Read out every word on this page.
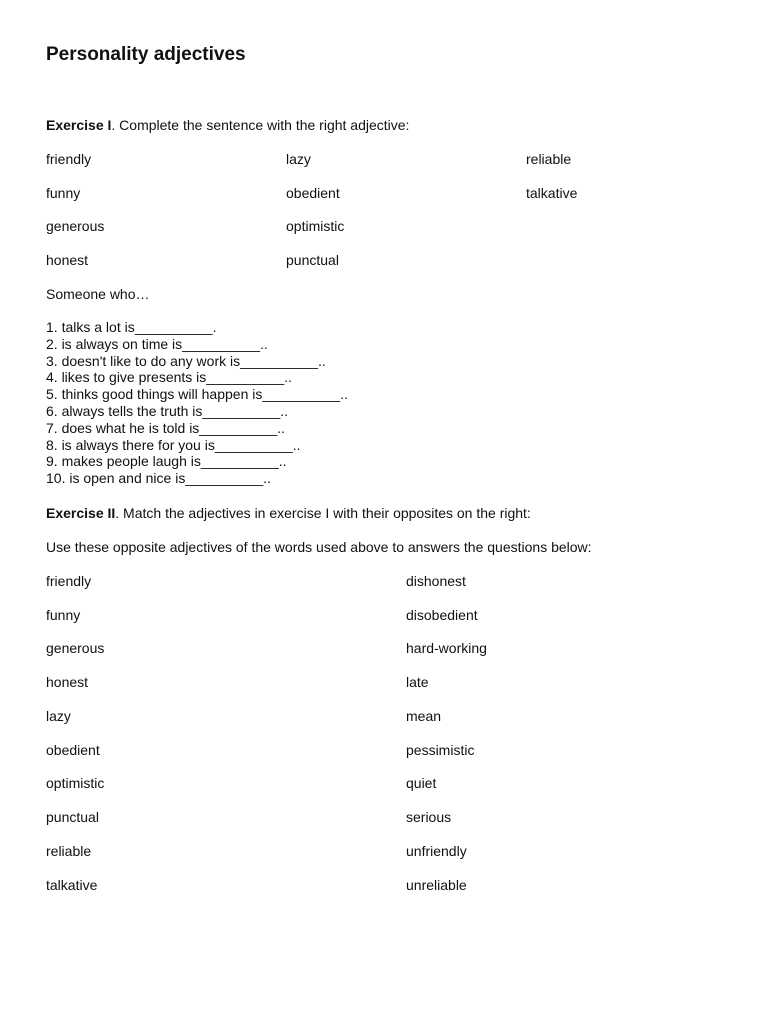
Personality adjectives
Exercise I. Complete the sentence with the right adjective:
friendly
funny
generous
honest
lazy
obedient
optimistic
punctual
reliable
talkative
Someone who…
1. talks a lot is__________.
2. is always on time is__________..
3. doesn't like to do any work is__________..
4. likes to give presents is__________..
5. thinks good things will happen is__________..
6. always tells the truth is__________..
7. does what he is told is__________..
8. is always there for you is__________..
9. makes people laugh is__________..
10. is open and nice is__________..
Exercise II. Match the adjectives in exercise I with their opposites on the right:
Use these opposite adjectives of the words used above to answers the questions below:
friendly
funny
generous
honest
lazy
obedient
optimistic
punctual
reliable
talkative
dishonest
disobedient
hard-working
late
mean
pessimistic
quiet
serious
unfriendly
unreliable
